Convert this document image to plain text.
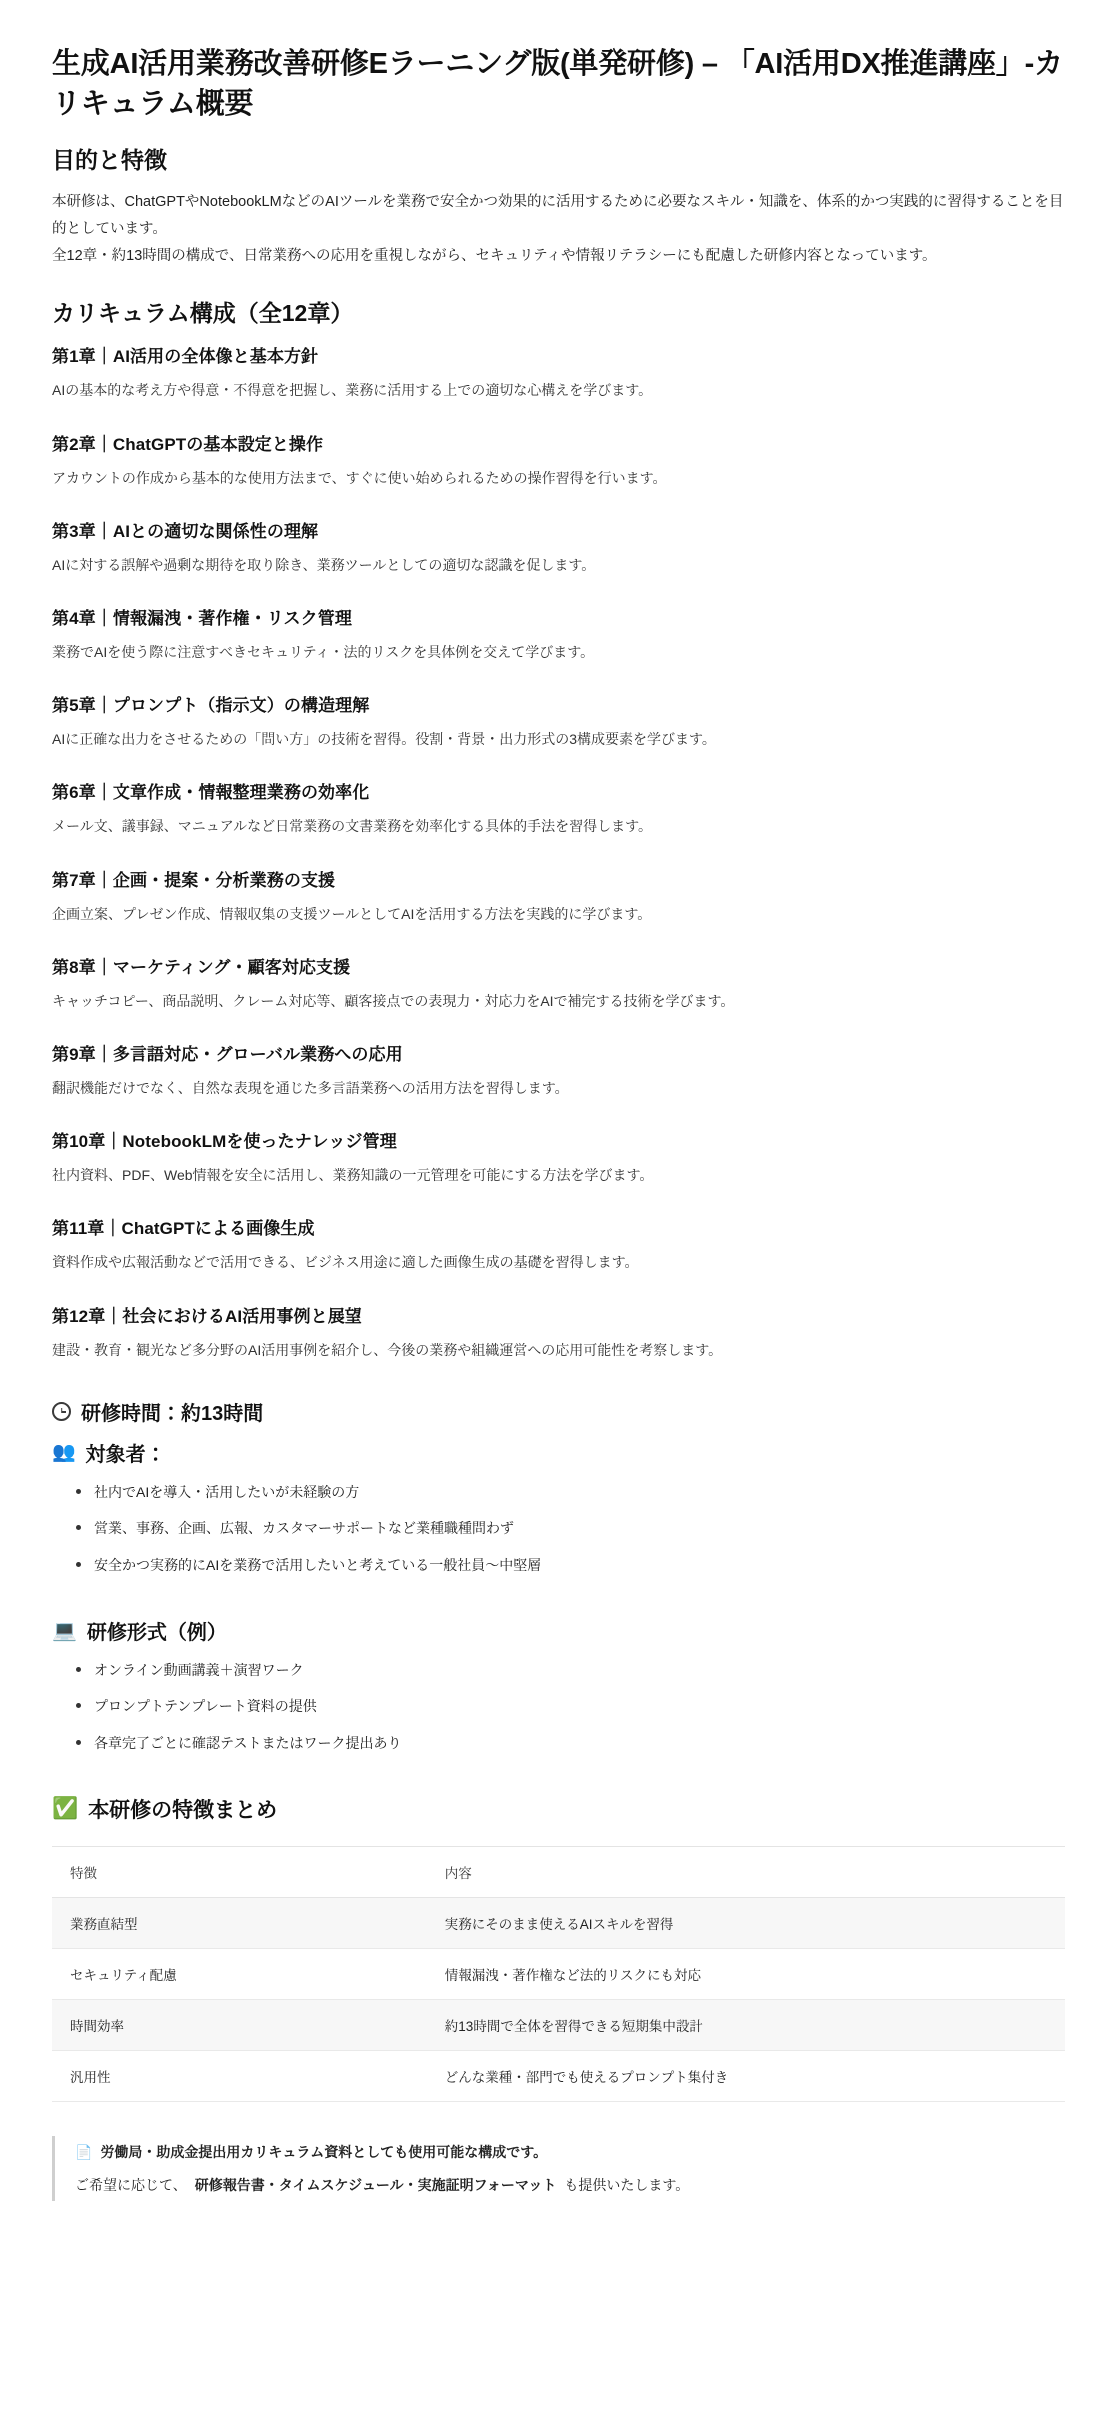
生成AI活用業務改善研修Eラーニング版(単発研修) – 「AI活用DX推進講座」-カリキュラム概要
目的と特徴

本研修は、ChatGPTやNotebookLMなどのAIツールを業務で安全かつ効果的に活用するために必要なスキル・知識を、体系的かつ実践的に習得することを目的としています。

全12章・約13時間の構成で、日常業務への応用を重視しながら、セキュリティや情報リテラシーにも配慮した研修内容となっています。

カリキュラム構成（全12章）
第1章｜AI活用の全体像と基本方針

AIの基本的な考え方や得意・不得意を把握し、業務に活用する上での適切な心構えを学びます。

第2章｜ChatGPTの基本設定と操作

アカウントの作成から基本的な使用方法まで、すぐに使い始められるための操作習得を行います。

第3章｜AIとの適切な関係性の理解

AIに対する誤解や過剰な期待を取り除き、業務ツールとしての適切な認識を促します。

第4章｜情報漏洩・著作権・リスク管理

業務でAIを使う際に注意すべきセキュリティ・法的リスクを具体例を交えて学びます。

第5章｜プロンプト（指示文）の構造理解

AIに正確な出力をさせるための「問い方」の技術を習得。役割・背景・出力形式の3構成要素を学びます。

第6章｜文章作成・情報整理業務の効率化

メール文、議事録、マニュアルなど日常業務の文書業務を効率化する具体的手法を習得します。

第7章｜企画・提案・分析業務の支援

企画立案、プレゼン作成、情報収集の支援ツールとしてAIを活用する方法を実践的に学びます。

第8章｜マーケティング・顧客対応支援

キャッチコピー、商品説明、クレーム対応等、顧客接点での表現力・対応力をAIで補完する技術を学びます。

第9章｜多言語対応・グローバル業務への応用

翻訳機能だけでなく、自然な表現を通じた多言語業務への活用方法を習得します。

第10章｜NotebookLMを使ったナレッジ管理

社内資料、PDF、Web情報を安全に活用し、業務知識の一元管理を可能にする方法を学びます。

第11章｜ChatGPTによる画像生成

資料作成や広報活動などで活用できる、ビジネス用途に適した画像生成の基礎を習得します。

第12章｜社会におけるAI活用事例と展望

建設・教育・観光など多分野のAI活用事例を紹介し、今後の業務や組織運営への応用可能性を考察します。

研修時間：約13時間
👥 対象者：
社内でAIを導入・活用したいが未経験の方
営業、事務、企画、広報、カスタマーサポートなど業種職種問わず
安全かつ実務的にAIを業務で活用したいと考えている一般社員〜中堅層
💻 研修形式（例）
オンライン動画講義＋演習ワーク
プロンプトテンプレート資料の提供
各章完了ごとに確認テストまたはワーク提出あり
✅ 本研修の特徴まとめ
特徴	内容
業務直結型	実務にそのまま使えるAIスキルを習得
セキュリティ配慮	情報漏洩・著作権など法的リスクにも対応
時間効率	約13時間で全体を習得できる短期集中設計
汎用性	どんな業種・部門でも使えるプロンプト集付き
📄 労働局・助成金提出用カリキュラム資料としても使用可能な構成です。
ご希望に応じて、 研修報告書・タイムスケジュール・実施証明フォーマット も提供いたします。
